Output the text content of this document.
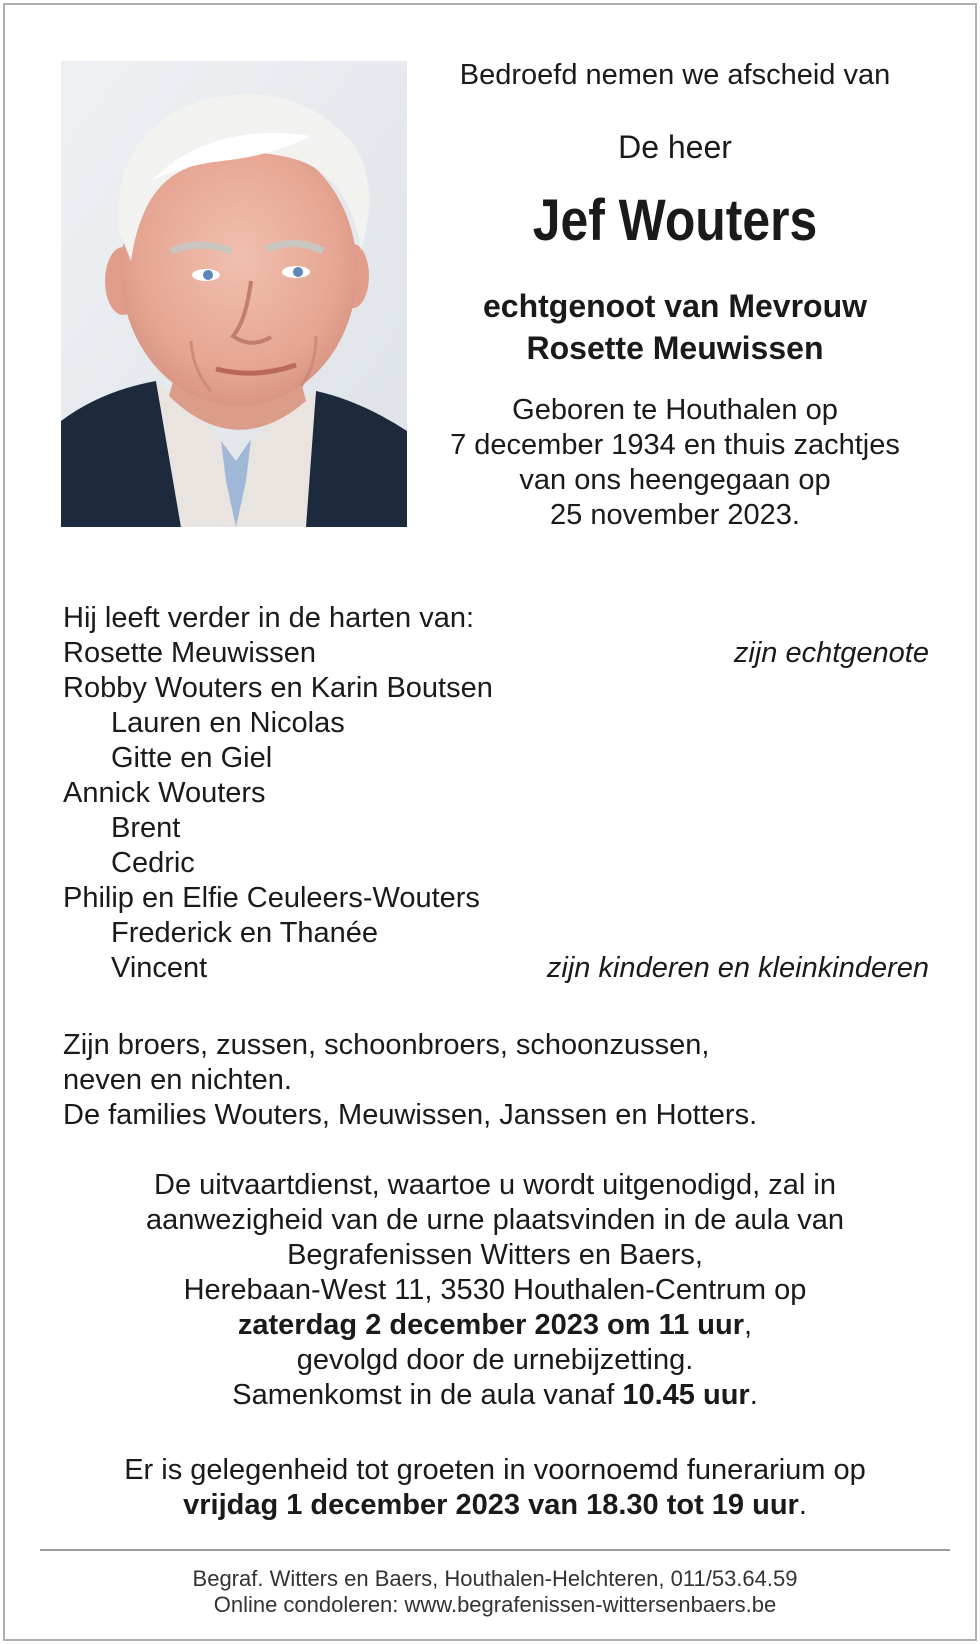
Bedroefd nemen we afscheid van

De heer

Jef Wouters

echtgenoot van Mevrouw
Rosette Meuwissen

Geboren te Houthalen op
7 december 1934 en thuis zachtjes
van ons heengegaan op
25 november 2023.

Hij leeft verder in de harten van:
Rosette Meuwissen	zijn echtgenote
Robby Wouters en Karin Boutsen
Lauren en Nicolas
Gitte en Giel
Annick Wouters
Brent
Cedric
Philip en Elfie Ceuleers-Wouters
Frederick en Thanée
Vincent	zijn kinderen en kleinkinderen

Zijn broers, zussen, schoonbroers, schoonzussen,

neven en nichten.

De families Wouters, Meuwissen, Janssen en Hotters.

De uitvaartdienst, waartoe u wordt uitgenodigd, zal in

aanwezigheid van de urne plaatsvinden in de aula van

Begrafenissen Witters en Baers,

Herebaan-West 11, 3530 Houthalen-Centrum op

zaterdag 2 december 2023 om 11 uur,

gevolgd door de urnebijzetting.

Samenkomst in de aula vanaf 10.45 uur.

Er is gelegenheid tot groeten in voornoemd funerarium op

vrijdag 1 december 2023 van 18.30 tot 19 uur.

Begraf. Witters en Baers, Houthalen-Helchteren, 011/53.64.59

Online condoleren: www.begrafenissen-wittersenbaers.be
